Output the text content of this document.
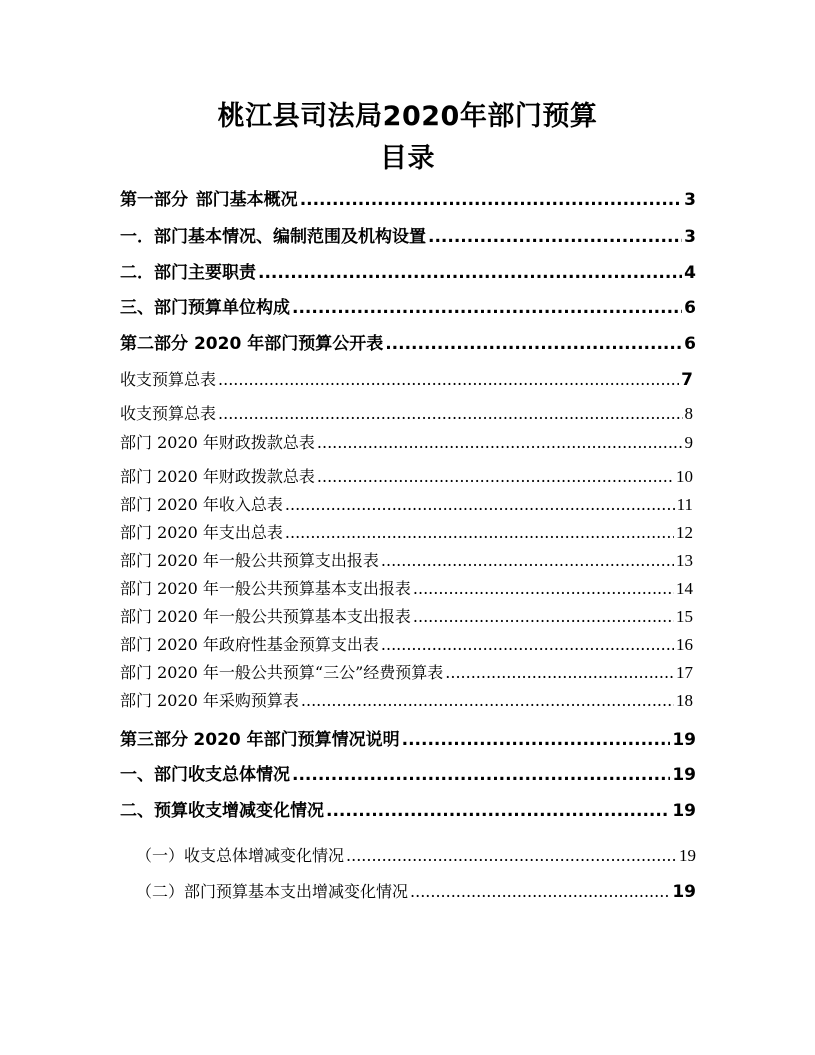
桃江县司法局2020年部门预算
目录
第一部分 部门基本概况 .....	3
一．部门基本情况、编制范围及机构设置 .....	3
二．部门主要职责 .....	4
三、部门预算单位构成 .....	6
第二部分 2020 年部门预算公开表 .....	6
收支预算总表 .....	7
收支预算总表 .....	8
部门 2020 年财政拨款总表 .....	9
部门 2020 年财政拨款总表 .....	10
部门 2020 年收入总表 .....	11
部门 2020 年支出总表 .....	12
部门 2020 年一般公共预算支出报表 .....	13
部门 2020 年一般公共预算基本支出报表 .....	14
部门 2020 年一般公共预算基本支出报表 .....	15
部门 2020 年政府性基金预算支出表 .....	16
部门 2020 年一般公共预算“三公”经费预算表 .....	17
部门 2020 年采购预算表 .....	18
第三部分 2020 年部门预算情况说明 .....	19
一、部门收支总体情况 .....	19
二、预算收支增减变化情况 .....	19
（一）收支总体增减变化情况 .....	19
（二）部门预算基本支出增减变化情况 .....	19
